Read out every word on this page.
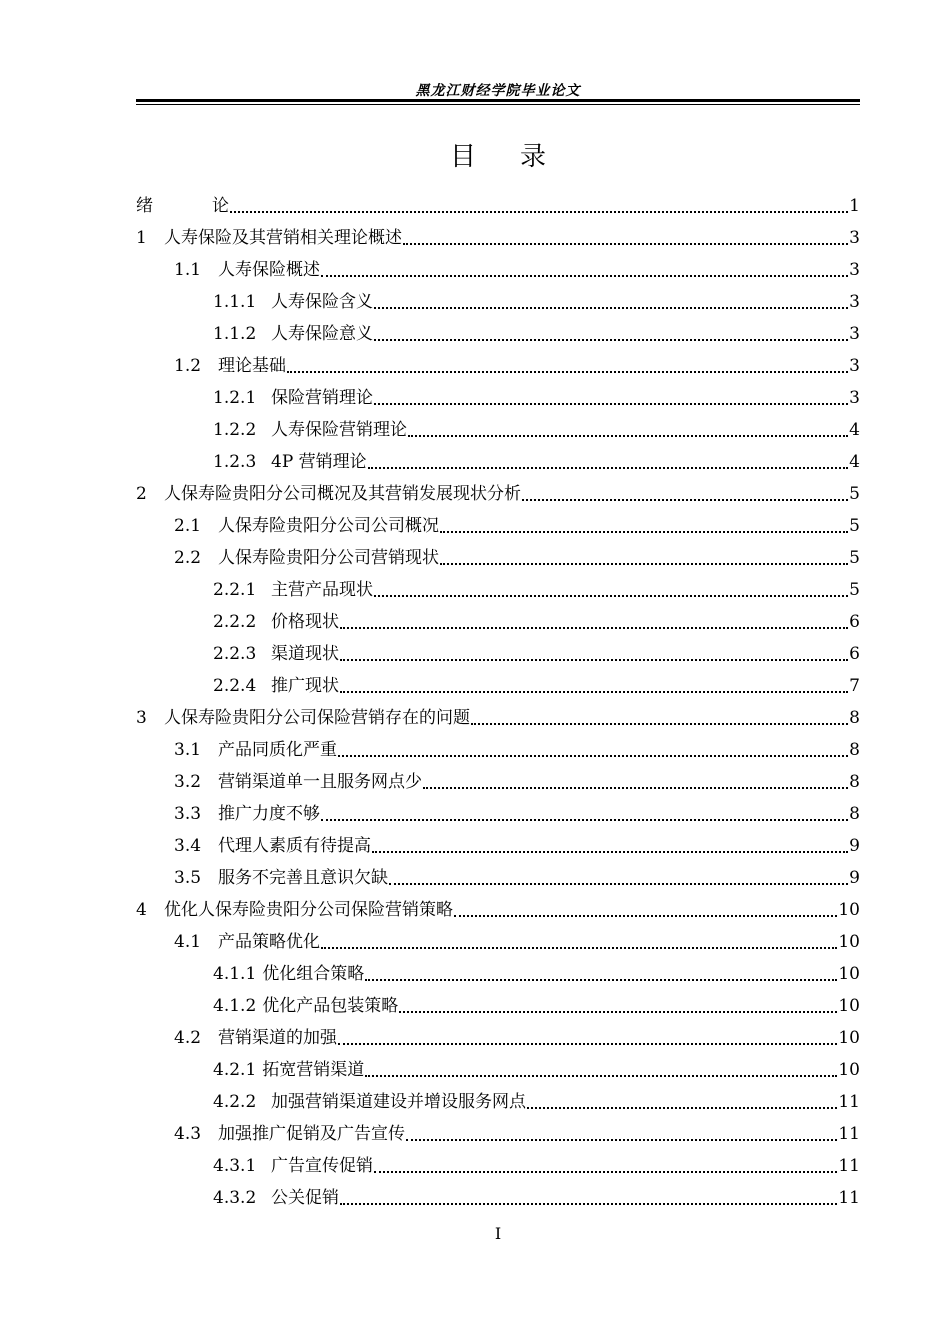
黑龙江财经学院毕业论文
目录
绪	论	1
1	人寿保险及其营销相关理论概述	3
1.1 人寿保险概述	3
1.1.1 人寿保险含义	3
1.1.2 人寿保险意义	3
1.2 理论基础	3
1.2.1 保险营销理论	3
1.2.2 人寿保险营销理论	4
1.2.3 4P 营销理论	4
2	人保寿险贵阳分公司概况及其营销发展现状分析	5
2.1 人保寿险贵阳分公司公司概况	5
2.2 人保寿险贵阳分公司营销现状	5
2.2.1 主营产品现状	5
2.2.2 价格现状	6
2.2.3 渠道现状	6
2.2.4 推广现状	7
3	人保寿险贵阳分公司保险营销存在的问题	8
3.1 产品同质化严重	8
3.2 营销渠道单一且服务网点少	8
3.3 推广力度不够	8
3.4 代理人素质有待提高	9
3.5 服务不完善且意识欠缺	9
4	优化人保寿险贵阳分公司保险营销策略	10
4.1 产品策略优化	10
4.1.1 优化组合策略	10
4.1.2 优化产品包装策略	10
4.2 营销渠道的加强	10
4.2.1 拓宽营销渠道	10
4.2.2 加强营销渠道建设并增设服务网点	11
4.3 加强推广促销及广告宣传	11
4.3.1 广告宣传促销	11
4.3.2 公关促销	11
I
